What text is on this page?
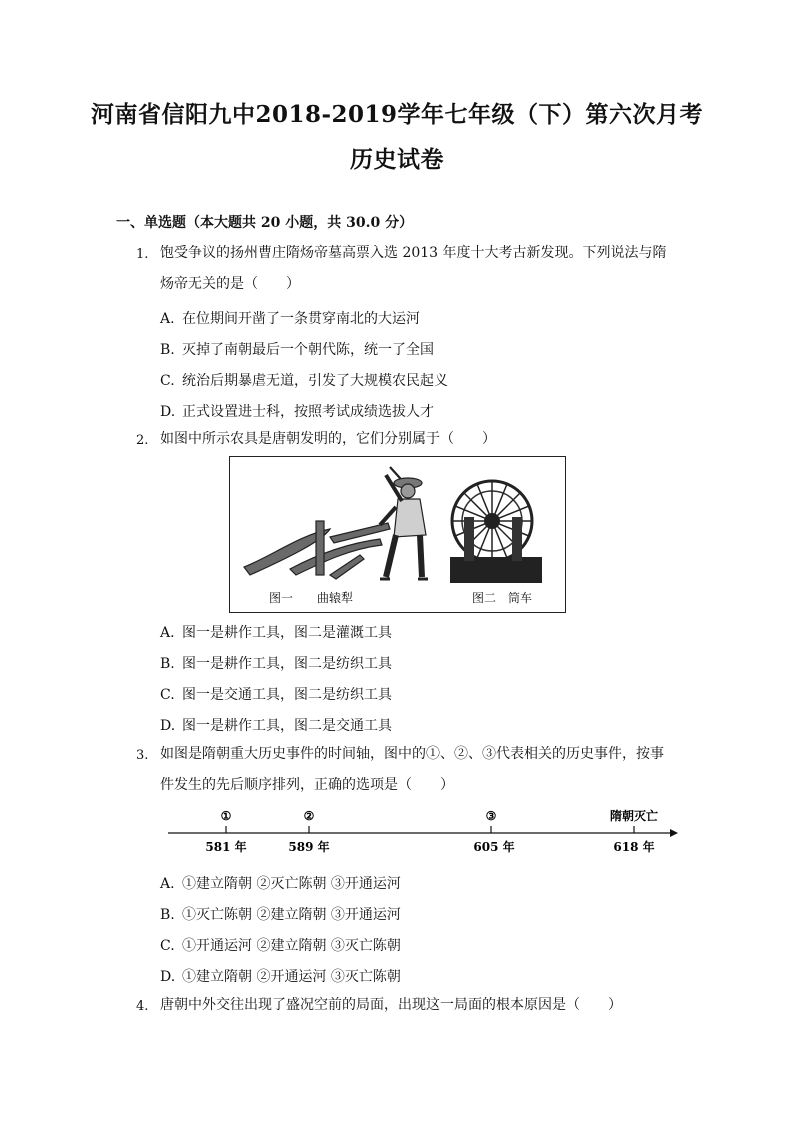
河南省信阳九中2018-2019学年七年级（下）第六次月考
历史试卷
一、单选题（本大题共 20 小题，共 30.0 分）
1. 饱受争议的扬州曹庄隋炀帝墓高票入选 2013 年度十大考古新发现。下列说法与隋
炀帝无关的是（　　）
A. 在位期间开凿了一条贯穿南北的大运河
B. 灭掉了南朝最后一个朝代陈，统一了全国
C. 统治后期暴虐无道，引发了大规模农民起义
D. 正式设置进士科，按照考试成绩选拔人才
2. 如图中所示农具是唐朝发明的，它们分别属于（　　）
图一　　曲辕犁	图二　筒车
A. 图一是耕作工具，图二是灌溉工具
B. 图一是耕作工具，图二是纺织工具
C. 图一是交通工具，图二是纺织工具
D. 图一是耕作工具，图二是交通工具
3. 如图是隋朝重大历史事件的时间轴，图中的①、②、③代表相关的历史事件，按事
件发生的先后顺序排列，正确的选项是（　　）
①	②	③	隋朝灭亡
581 年	589 年	605 年	618 年
A. ①建立隋朝 ②灭亡陈朝 ③开通运河
B. ①灭亡陈朝 ②建立隋朝 ③开通运河
C. ①开通运河 ②建立隋朝 ③灭亡陈朝
D. ①建立隋朝 ②开通运河 ③灭亡陈朝
4. 唐朝中外交往出现了盛况空前的局面，出现这一局面的根本原因是（　　）
